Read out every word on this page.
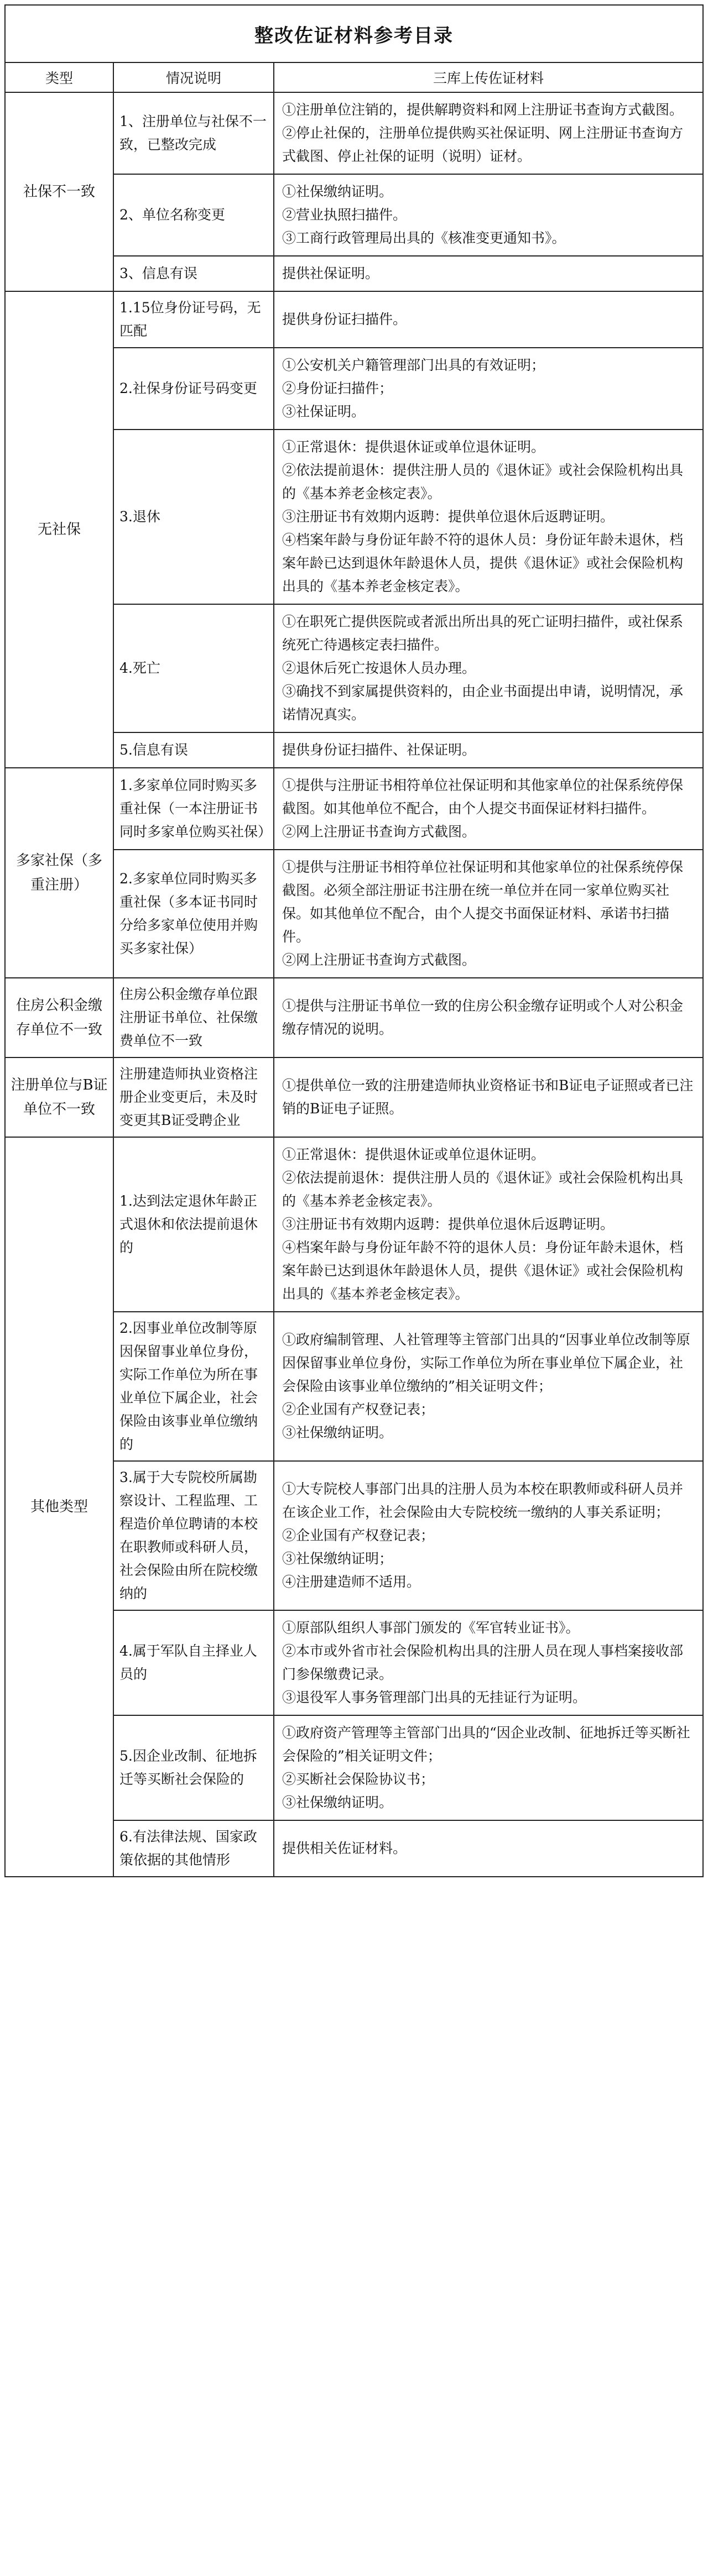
整改佐证材料参考目录		
类型	情况说明	三库上传佐证材料
社保不一致	1、注册单位与社保不一致，已整改完成	①注册单位注销的，提供解聘资料和网上注册证书查询方式截图。
②停止社保的，注册单位提供购买社保证明、网上注册证书查询方式截图、停止社保的证明（说明）证材。

	2、单位名称变更	①社保缴纳证明。
②营业执照扫描件。
③工商行政管理局出具的《核准变更通知书》。

	3、信息有误	提供社保证明。

无社保	1.15位身份证号码，无匹配	提供身份证扫描件。

	2.社保身份证号码变更	①公安机关户籍管理部门出具的有效证明；
②身份证扫描件；
③社保证明。

	3.退休	①正常退休：提供退休证或单位退休证明。
②依法提前退休：提供注册人员的《退休证》或社会保险机构出具的《基本养老金核定表》。
③注册证书有效期内返聘：提供单位退休后返聘证明。
④档案年龄与身份证年龄不符的退休人员：身份证年龄未退休，档案年龄已达到退休年龄退休人员，提供《退休证》或社会保险机构出具的《基本养老金核定表》。

	4.死亡	①在职死亡提供医院或者派出所出具的死亡证明扫描件，或社保系统死亡待遇核定表扫描件。
②退休后死亡按退休人员办理。
③确找不到家属提供资料的，由企业书面提出申请，说明情况，承诺情况真实。

	5.信息有误	提供身份证扫描件、社保证明。

多家社保（多重注册）	1.多家单位同时购买多重社保（一本注册证书同时多家单位购买社保）	①提供与注册证书相符单位社保证明和其他家单位的社保系统停保截图。如其他单位不配合，由个人提交书面保证材料扫描件。
②网上注册证书查询方式截图。

	2.多家单位同时购买多重社保（多本证书同时分给多家单位使用并购买多家社保）	①提供与注册证书相符单位社保证明和其他家单位的社保系统停保截图。必须全部注册证书注册在统一单位并在同一家单位购买社保。如其他单位不配合，由个人提交书面保证材料、承诺书扫描件。
②网上注册证书查询方式截图。

住房公积金缴存单位不一致	住房公积金缴存单位跟注册证书单位、社保缴费单位不一致	①提供与注册证书单位一致的住房公积金缴存证明或个人对公积金缴存情况的说明。

注册单位与B证单位不一致	注册建造师执业资格注册企业变更后，未及时变更其B证受聘企业	①提供单位一致的注册建造师执业资格证书和B证电子证照或者已注销的B证电子证照。

其他类型	1.达到法定退休年龄正式退休和依法提前退休的	①正常退休：提供退休证或单位退休证明。
②依法提前退休：提供注册人员的《退休证》或社会保险机构出具的《基本养老金核定表》。
③注册证书有效期内返聘：提供单位退休后返聘证明。
④档案年龄与身份证年龄不符的退休人员：身份证年龄未退休，档案年龄已达到退休年龄退休人员，提供《退休证》或社会保险机构出具的《基本养老金核定表》。

	2.因事业单位改制等原因保留事业单位身份，实际工作单位为所在事业单位下属企业，社会保险由该事业单位缴纳的	①政府编制管理、人社管理等主管部门出具的“因事业单位改制等原因保留事业单位身份，实际工作单位为所在事业单位下属企业，社会保险由该事业单位缴纳的”相关证明文件；
②企业国有产权登记表；
③社保缴纳证明。

	3.属于大专院校所属勘察设计、工程监理、工程造价单位聘请的本校在职教师或科研人员，社会保险由所在院校缴纳的	①大专院校人事部门出具的注册人员为本校在职教师或科研人员并在该企业工作，社会保险由大专院校统一缴纳的人事关系证明；
②企业国有产权登记表；
③社保缴纳证明；
④注册建造师不适用。

	4.属于军队自主择业人员的	①原部队组织人事部门颁发的《军官转业证书》。
②本市或外省市社会保险机构出具的注册人员在现人事档案接收部门参保缴费记录。
③退役军人事务管理部门出具的无挂证行为证明。

	5.因企业改制、征地拆迁等买断社会保险的	①政府资产管理等主管部门出具的“因企业改制、征地拆迁等买断社会保险的”相关证明文件；
②买断社会保险协议书；
③社保缴纳证明。

	6.有法律法规、国家政策依据的其他情形	提供相关佐证材料。
